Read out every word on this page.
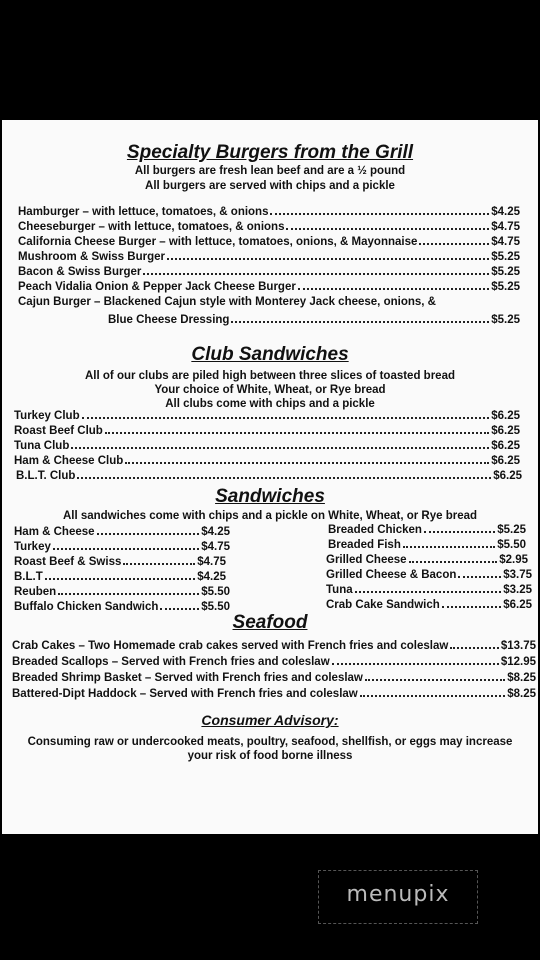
Specialty Burgers from the Grill
All burgers are fresh lean beef and are a ½ pound
All burgers are served with chips and a pickle
Hamburger – with lettuce, tomatoes, & onions	$4.25
Cheeseburger – with lettuce, tomatoes, & onions	$4.75
California Cheese Burger – with lettuce, tomatoes, onions, & Mayonnaise	$4.75
Mushroom & Swiss Burger	$5.25
Bacon & Swiss Burger	$5.25
Peach Vidalia Onion & Pepper Jack Cheese Burger	$5.25
Cajun Burger – Blackened Cajun style with Monterey Jack cheese, onions, &
Blue Cheese Dressing	$5.25
Club Sandwiches
All of our clubs are piled high between three slices of toasted bread
Your choice of White, Wheat, or Rye bread
All clubs come with chips and a pickle
Turkey Club	$6.25
Roast Beef Club	$6.25
Tuna Club	$6.25
Ham & Cheese Club	$6.25
B.L.T. Club	$6.25
Sandwiches
All sandwiches come with chips and a pickle on White, Wheat, or Rye bread
Ham & Cheese	$4.25
Turkey	$4.75
Roast Beef & Swiss	$4.75
B.L.T	$4.25
Reuben	$5.50
Buffalo Chicken Sandwich	$5.50
Breaded Chicken	$5.25
Breaded Fish	$5.50
Grilled Cheese	$2.95
Grilled Cheese & Bacon	$3.75
Tuna	$3.25
Crab Cake Sandwich	$6.25
Seafood
Crab Cakes – Two Homemade crab cakes served with French fries and coleslaw	$13.75
Breaded Scallops – Served with French fries and coleslaw	$12.95
Breaded Shrimp Basket – Served with French fries and coleslaw	$8.25
Battered-Dipt Haddock – Served with French fries and coleslaw	$8.25
Consumer Advisory:
Consuming raw or undercooked meats, poultry, seafood, shellfish, or eggs may increase
your risk of food borne illness
menupix
